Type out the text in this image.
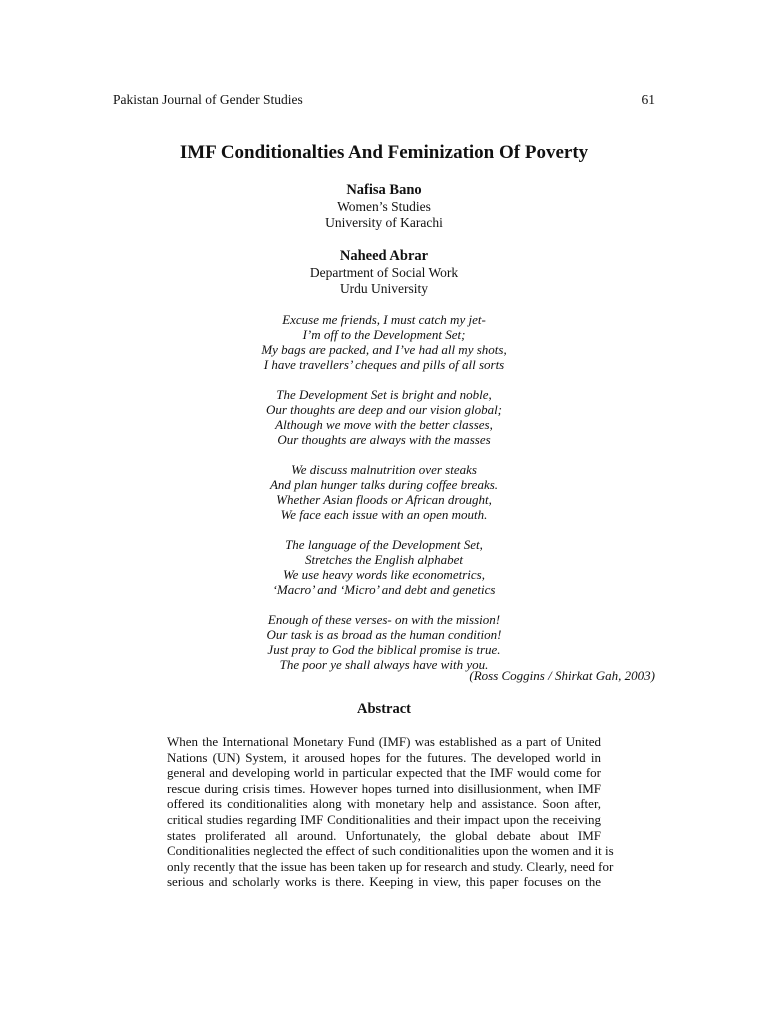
Pakistan Journal of Gender Studies	61
IMF Conditionalties And Feminization Of Poverty
Nafisa Bano
Women’s Studies
University of Karachi
Naheed Abrar
Department of Social Work
Urdu University
Excuse me friends, I must catch my jet-
I’m off to the Development Set;
My bags are packed, and I’ve had all my shots,
I have travellers’ cheques and pills of all sorts
The Development Set is bright and noble,
Our thoughts are deep and our vision global;
Although we move with the better classes,
Our thoughts are always with the masses
We discuss malnutrition over steaks
And plan hunger talks during coffee breaks.
Whether Asian floods or African drought,
We face each issue with an open mouth.
The language of the Development Set,
Stretches the English alphabet
We use heavy words like econometrics,
‘Macro’ and ‘Micro’ and debt and genetics
Enough of these verses- on with the mission!
Our task is as broad as the human condition!
Just pray to God the biblical promise is true.
The poor ye shall always have with you.
(Ross Coggins / Shirkat Gah, 2003)
Abstract
When the International Monetary Fund (IMF) was established as a part of United
Nations (UN) System, it aroused hopes for the futures. The developed world in
general and developing world in particular expected that the IMF would come for
rescue during crisis times. However hopes turned into disillusionment, when IMF
offered its conditionalities along with monetary help and assistance. Soon after,
critical studies regarding IMF Conditionalities and their impact upon the receiving
states proliferated all around. Unfortunately, the global debate about IMF
Conditionalities neglected the effect of such conditionalities upon the women and it is
only recently that the issue has been taken up for research and study. Clearly, need for
serious and scholarly works is there. Keeping in view, this paper focuses on the
